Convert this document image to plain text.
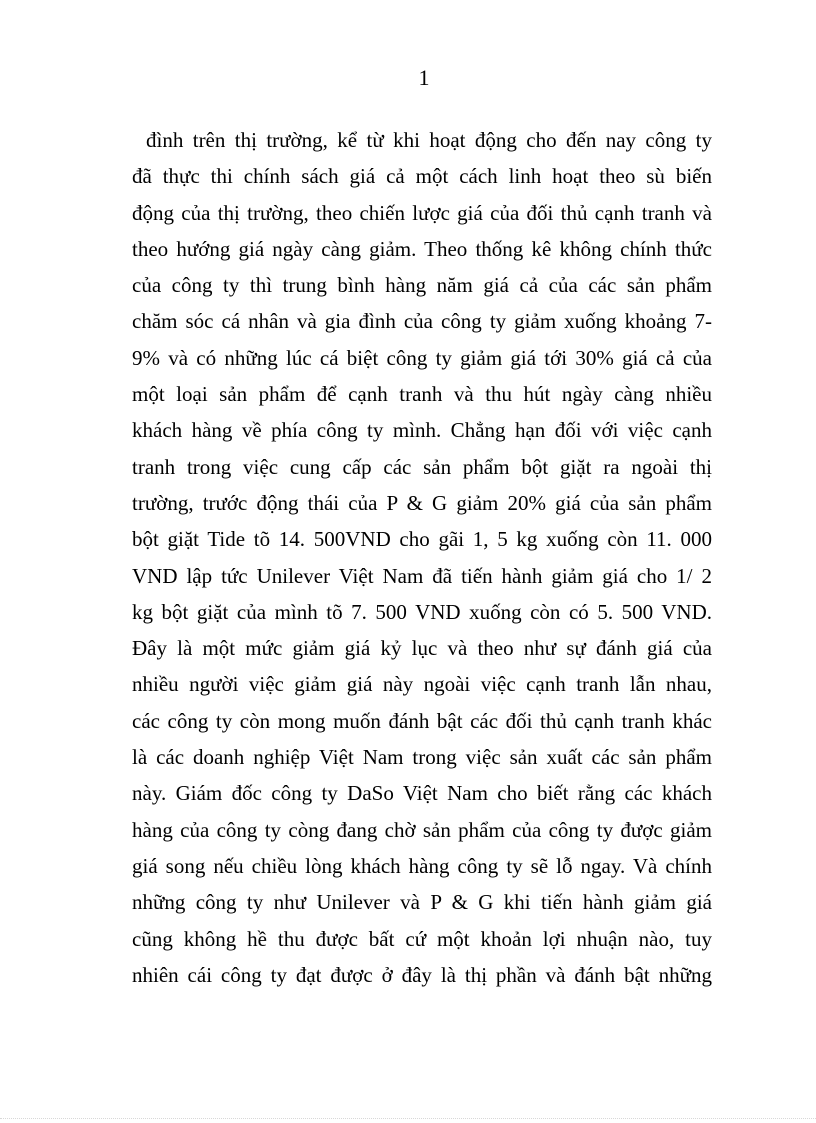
1
đình trên thị trường, kể từ khi hoạt động cho đến nay công ty
đã thực thi chính sách giá cả một cách linh hoạt theo sù biến
động của thị trường, theo chiến lược giá của đối thủ cạnh tranh và
theo hướng giá ngày càng giảm. Theo thống kê không chính thức
của công ty thì trung bình hàng năm giá cả của các sản phẩm
chăm sóc cá nhân và gia đình của công ty giảm xuống khoảng 7-
9% và có những lúc cá biệt công ty giảm giá tới 30% giá cả của
một loại sản phẩm để cạnh tranh và thu hút ngày càng nhiều
khách hàng về phía công ty mình. Chẳng hạn đối với việc cạnh
tranh trong việc cung cấp các sản phẩm bột giặt ra ngoài thị
trường, trước động thái của P & G giảm 20% giá của sản phẩm
bột giặt Tide tõ 14. 500VND cho gãi 1, 5 kg xuống còn 11. 000
VND lập tức Unilever Việt Nam đã tiến hành giảm giá cho 1/ 2
kg bột giặt của mình tõ 7. 500 VND xuống còn có 5. 500 VND.
Đây là một mức giảm giá kỷ lục và theo như sự đánh giá của
nhiều người việc giảm giá này ngoài việc cạnh tranh lẫn nhau,
các công ty còn mong muốn đánh bật các đối thủ cạnh tranh khác
là các doanh nghiệp Việt Nam trong việc sản xuất các sản phẩm
này. Giám đốc công ty DaSo Việt Nam cho biết rằng các khách
hàng của công ty còng đang chờ sản phẩm của công ty được giảm
giá song nếu chiều lòng khách hàng công ty sẽ lỗ ngay. Và chính
những công ty như Unilever và P & G khi tiến hành giảm giá
cũng không hề thu được bất cứ một khoản lợi nhuận nào, tuy
nhiên cái công ty đạt được ở đây là thị phần và đánh bật những
